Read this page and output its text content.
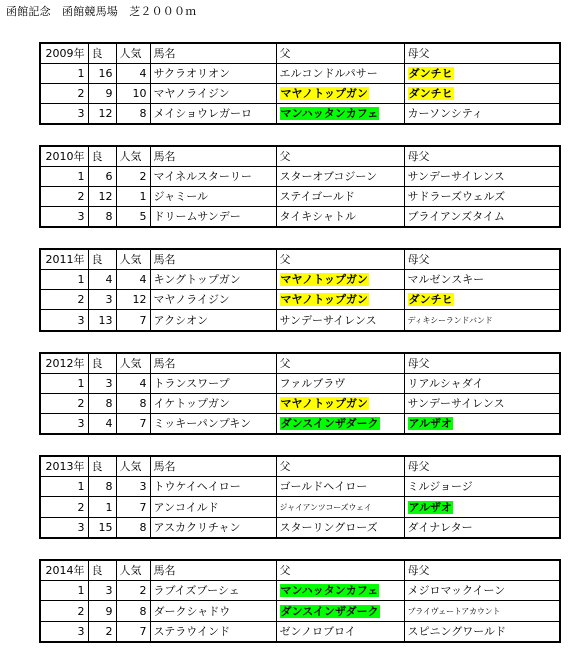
函館記念　函館競馬場　芝２０００ｍ
2009年	良	人気	馬名	父	母父
1	16	4	サクラオリオン	エルコンドルパサー	ダンチヒ
2	9	10	マヤノライジン	マヤノトップガン	ダンチヒ
3	12	8	メイショウレガーロ	マンハッタンカフェ	カーソンシティ
2010年	良	人気	馬名	父	母父
1	6	2	マイネルスターリー	スターオブコジーン	サンデーサイレンス
2	12	1	ジャミール	ステイゴールド	サドラーズウェルズ
3	8	5	ドリームサンデー	タイキシャトル	ブライアンズタイム
2011年	良	人気	馬名	父	母父
1	4	4	キングトップガン	マヤノトップガン	マルゼンスキー
2	3	12	マヤノライジン	マヤノトップガン	ダンチヒ
3	13	7	アクシオン	サンデーサイレンス	ディキシーランドバンド
2012年	良	人気	馬名	父	母父
1	3	4	トランスワープ	ファルブラヴ	リアルシャダイ
2	8	8	イケトップガン	マヤノトップガン	サンデーサイレンス
3	4	7	ミッキーパンプキン	ダンスインザダーク	アルザオ
2013年	良	人気	馬名	父	母父
1	8	3	トウケイヘイロー	ゴールドヘイロー	ミルジョージ
2	1	7	アンコイルド	ジャイアンツコーズウェイ	アルザオ
3	15	8	アスカクリチャン	スターリングローズ	ダイナレター
2014年	良	人気	馬名	父	母父
1	3	2	ラブイズブーシェ	マンハッタンカフェ	メジロマックイーン
2	9	8	ダークシャドウ	ダンスインザダーク	ブライヴェートアカウント
3	2	7	ステラウインド	ゼンノロブロイ	スピニングワールド
